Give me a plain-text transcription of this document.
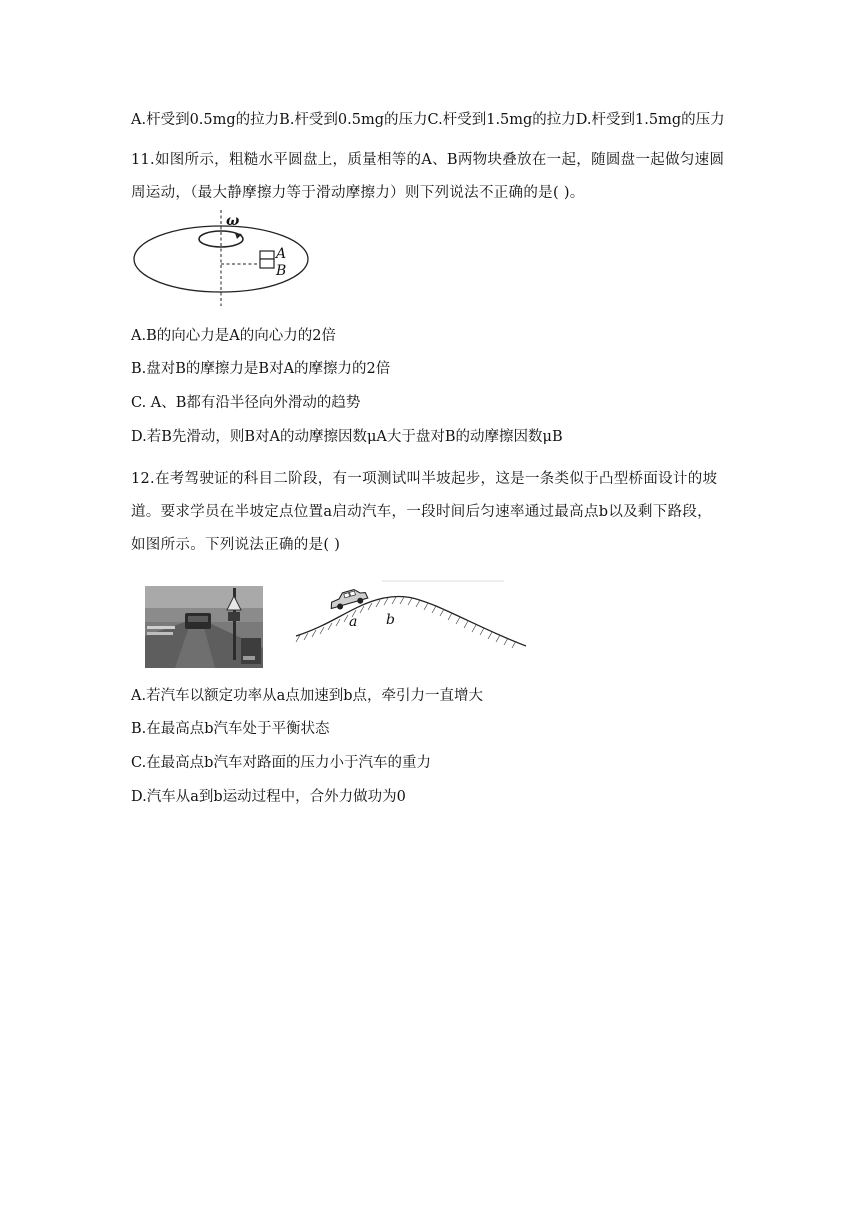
A.杆受到0.5mg的拉力B.杆受到0.5mg的压力C.杆受到1.5mg的拉力D.杆受到1.5mg的压力
11.如图所示，粗糙水平圆盘上，质量相等的A、B两物块叠放在一起，随圆盘一起做匀速圆
周运动，（最大静摩擦力等于滑动摩擦力）则下列说法不正确的是( )。
ω
A
B
A.B的向心力是A的向心力的2倍
B.盘对B的摩擦力是B对A的摩擦力的2倍
C. A、B都有沿半径向外滑动的趋势
D.若B先滑动，则B对A的动摩擦因数μA大于盘对B的动摩擦因数μB
12.在考驾驶证的科目二阶段，有一项测试叫半坡起步，这是一条类似于凸型桥面设计的坡
道。要求学员在半坡定点位置a启动汽车，一段时间后匀速率通过最高点b以及剩下路段，
如图所示。下列说法正确的是( )
a b
A.若汽车以额定功率从a点加速到b点，牵引力一直增大
B.在最高点b汽车处于平衡状态
C.在最高点b汽车对路面的压力小于汽车的重力
D.汽车从a到b运动过程中，合外力做功为0
